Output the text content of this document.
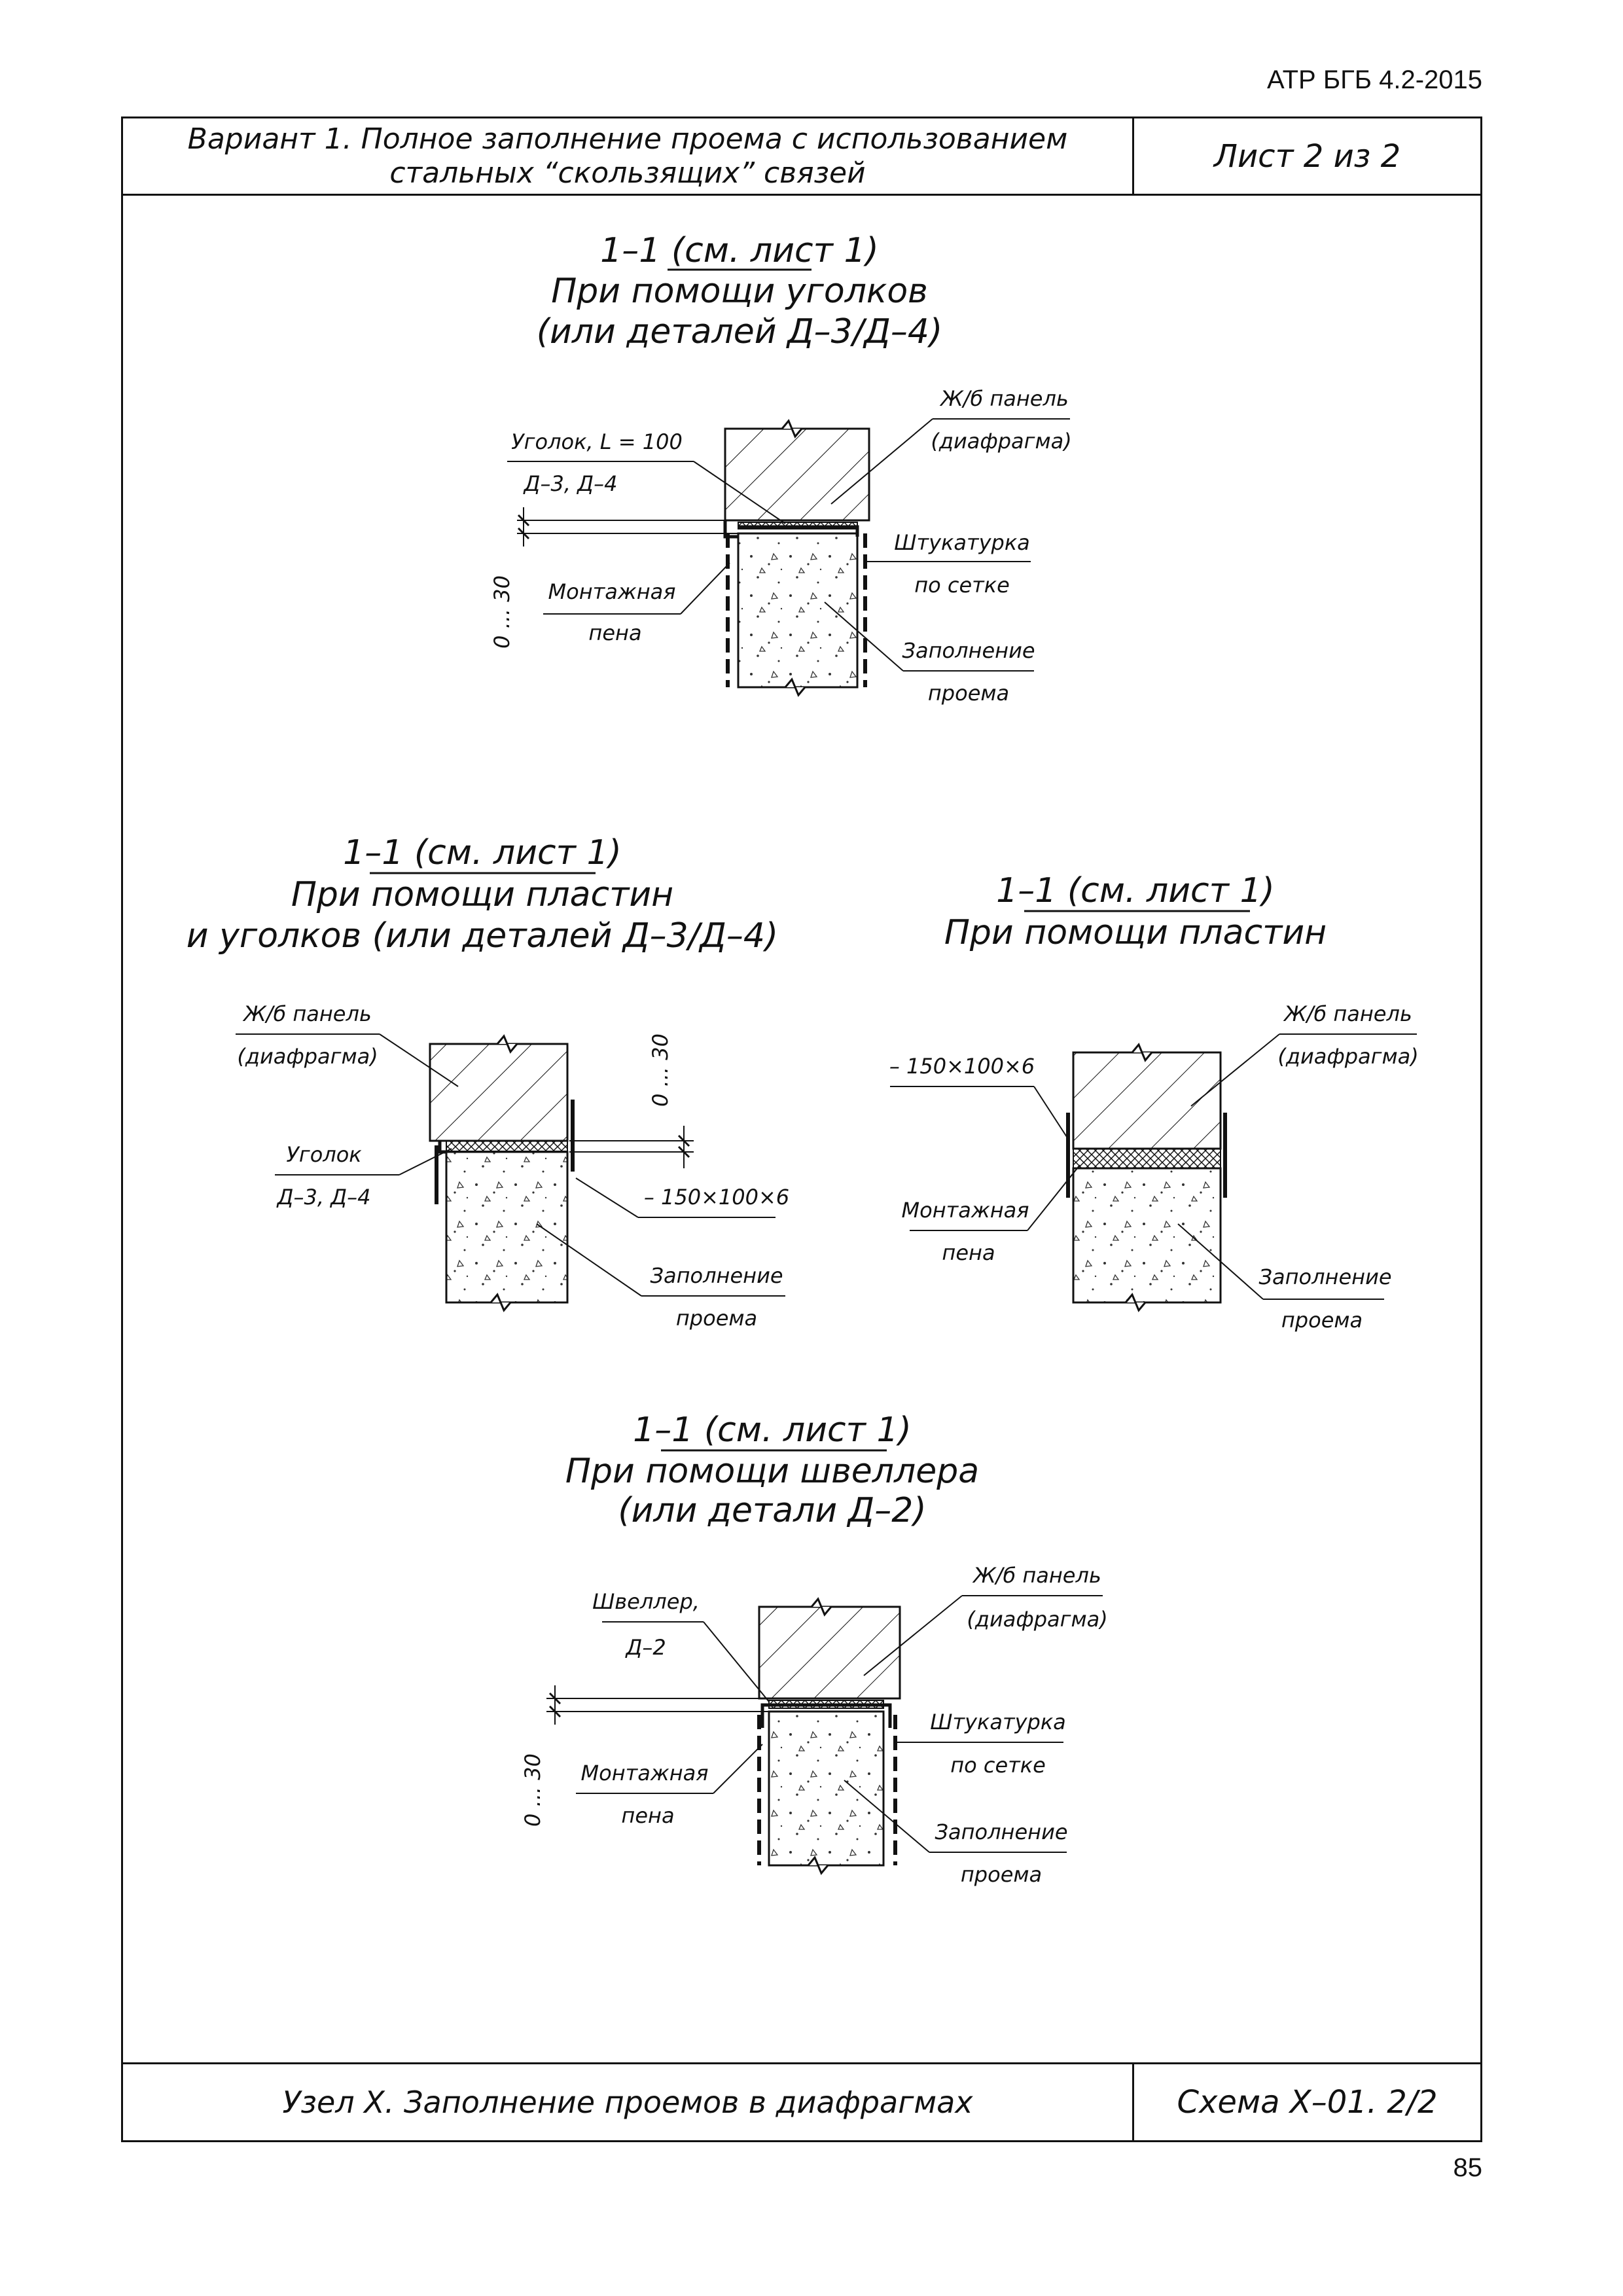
АТР БГБ 4.2-2015
Вариант 1. Полное заполнение проема с использованием
стальных “скользящих” связей	Лист 2 из 2
Узел X. Заполнение проемов в диафрагмах	Схема X–01. 2/2
85
1–1 (см. лист 1)
При помощи уголков
(или деталей Д–3/Д–4)
0 ... 30
Уголок, L = 100
Д–3, Д–4
Ж/б панель
(диафрагма)
Штукатурка
по сетке
Монтажная
пена
Заполнение
проема
1–1 (см. лист 1)
При помощи пластин
и уголков (или деталей Д–3/Д–4)
0 ... 30
Ж/б панель
(диафрагма)
Уголок
Д–3, Д–4	– 150×100×6
Заполнение
проема
1–1 (см. лист 1)
При помощи пластин
Ж/б панель
(диафрагма)
– 150×100×6
Монтажная
пена
Заполнение
проема
1–1 (см. лист 1)
При помощи швеллера
(или детали Д–2)
0 ... 30
Швеллер,
Д–2
Ж/б панель
(диафрагма)
Штукатурка
по сетке
Монтажная
пена
Заполнение
проема
